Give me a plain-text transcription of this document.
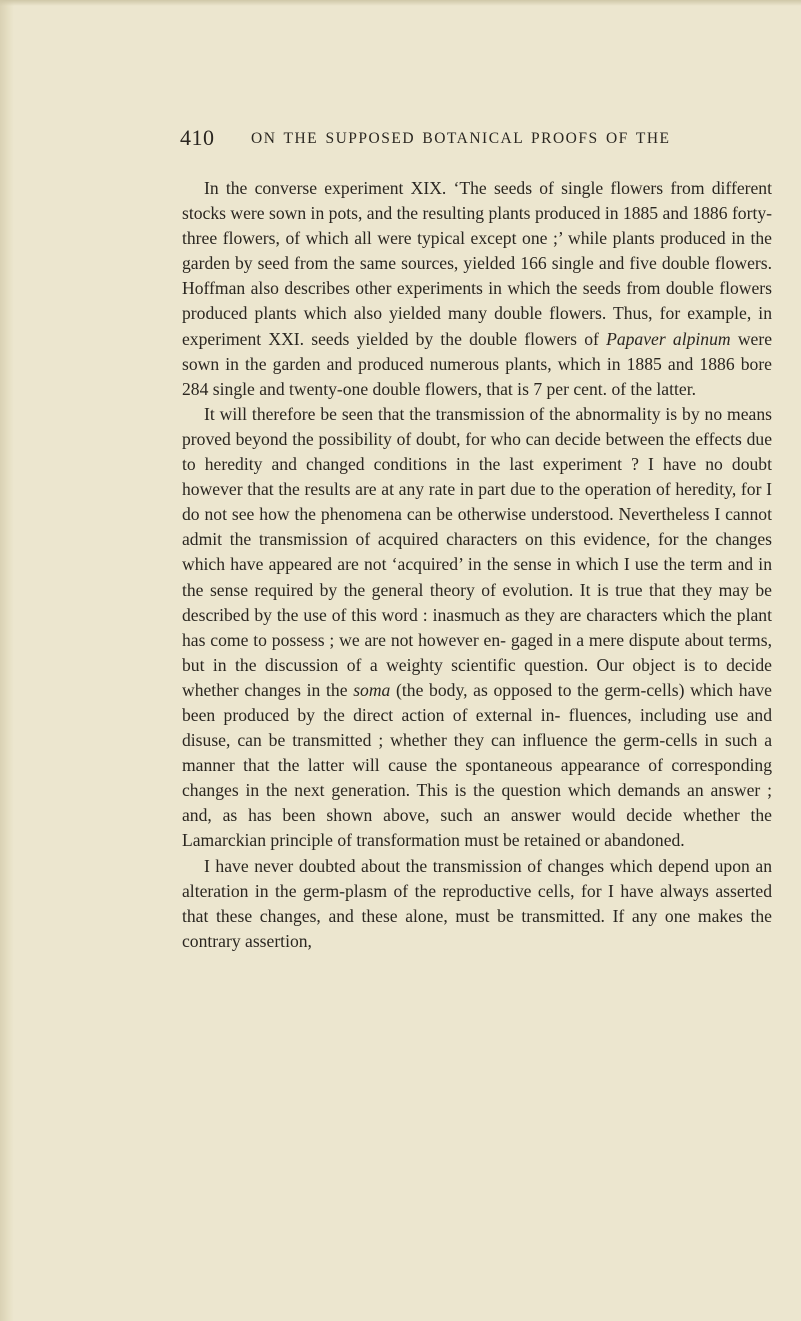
410 ON THE SUPPOSED BOTANICAL PROOFS OF THE

In the converse experiment XIX. ‘The seeds of single flowers from different stocks were sown in pots, and the resulting plants produced in 1885 and 1886 forty-three flowers, of which all were typical except one ;’ while plants produced in the garden by seed from the same sources, yielded 166 single and five double flowers. Hoffman also describes other experiments in which the seeds from double flowers produced plants which also yielded many double flowers. Thus, for example, in experiment XXI. seeds yielded by the double flowers of Papaver alpinum were sown in the garden and produced numerous plants, which in 1885 and 1886 bore 284 single and twenty-one double flowers, that is 7 per cent. of the latter.

It will therefore be seen that the transmission of the abnormality is by no means proved beyond the possibility of doubt, for who can decide between the effects due to heredity and changed conditions in the last experiment ? I have no doubt however that the results are at any rate in part due to the operation of heredity, for I do not see how the phenomena can be otherwise understood. Nevertheless I cannot admit the transmission of acquired characters on this evidence, for the changes which have appeared are not ‘acquired’ in the sense in which I use the term and in the sense required by the general theory of evolution. It is true that they may be described by the use of this word : inasmuch as they are characters which the plant has come to possess ; we are not however en- gaged in a mere dispute about terms, but in the discussion of a weighty scientific question. Our object is to decide whether changes in the soma (the body, as opposed to the germ-cells) which have been produced by the direct action of external in- fluences, including use and disuse, can be transmitted ; whether they can influence the germ-cells in such a manner that the latter will cause the spontaneous appearance of corresponding changes in the next generation. This is the question which demands an answer ; and, as has been shown above, such an answer would decide whether the Lamarckian principle of transformation must be retained or abandoned.

I have never doubted about the transmission of changes which depend upon an alteration in the germ-plasm of the reproductive cells, for I have always asserted that these changes, and these alone, must be transmitted. If any one makes the contrary assertion,
